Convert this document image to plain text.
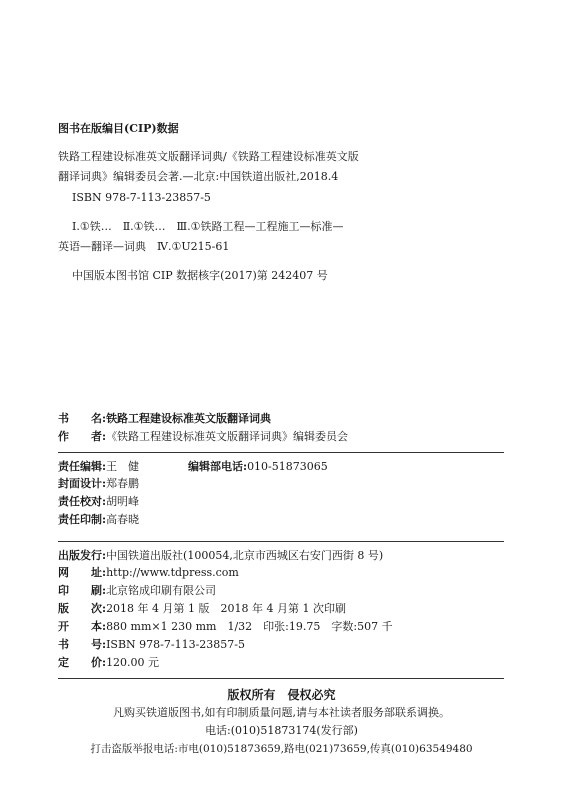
图书在版编目(CIP)数据
铁路工程建设标准英文版翻译词典/《铁路工程建设标准英文版
翻译词典》编辑委员会著.—北京:中国铁道出版社,2018.4
ISBN 978-7-113-23857-5
Ⅰ.①铁…　Ⅱ.①铁…　Ⅲ.①铁路工程—工程施工—标准—
英语—翻译—词典　Ⅳ.①U215-61
中国版本图书馆 CIP 数据核字(2017)第 242407 号
书　　名:铁路工程建设标准英文版翻译词典
作　　者:《铁路工程建设标准英文版翻译词典》编辑委员会
责任编辑:王　健	编辑部电话:010-51873065
封面设计:郑春鹏
责任校对:胡明峰
责任印制:高春晓
出版发行:中国铁道出版社(100054,北京市西城区右安门西街 8 号)
网　　址:http://www.tdpress.com
印　　刷:北京铭成印刷有限公司
版　　次:2018 年 4 月第 1 版　2018 年 4 月第 1 次印刷
开　　本:880 mm×1 230 mm　1/32　印张:19.75　字数:507 千
书　　号:ISBN 978-7-113-23857-5
定　　价:120.00 元
版权所有　侵权必究
凡购买铁道版图书,如有印制质量问题,请与本社读者服务部联系调换。
电话:(010)51873174(发行部)
打击盗版举报电话:市电(010)51873659,路电(021)73659,传真(010)63549480
